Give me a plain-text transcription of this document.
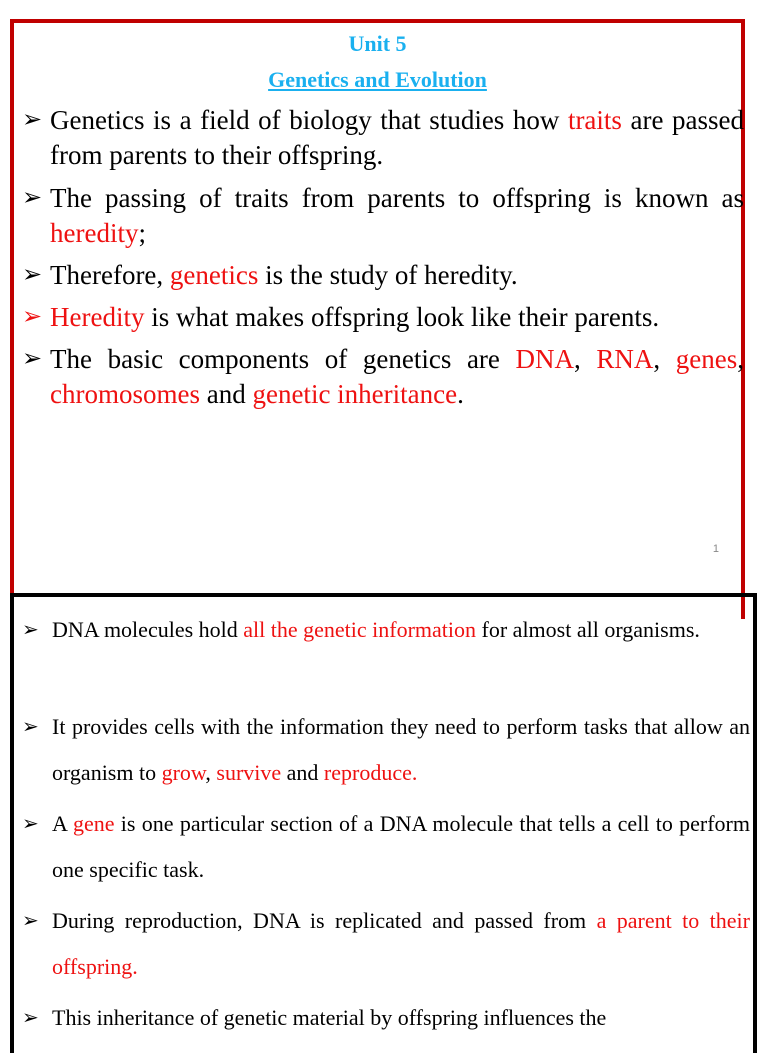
Unit 5
Genetics and Evolution
➢ Genetics is a field of biology that studies how traits are passed from parents to their offspring.
➢ The passing of traits from parents to offspring is known as heredity;
➢ Therefore, genetics is the study of heredity.
➢ Heredity is what makes offspring look like their parents.
➢ The basic components of genetics are DNA, RNA, genes, chromosomes and genetic inheritance.
1
➢ DNA molecules hold all the genetic information for almost all organisms.
➢ It provides cells with the information they need to perform tasks that allow an organism to grow, survive and reproduce.
➢ A gene is one particular section of a DNA molecule that tells a cell to perform one specific task.
➢ During reproduction, DNA is replicated and passed from a parent to their offspring.
➢ This inheritance of genetic material by offspring influences the
